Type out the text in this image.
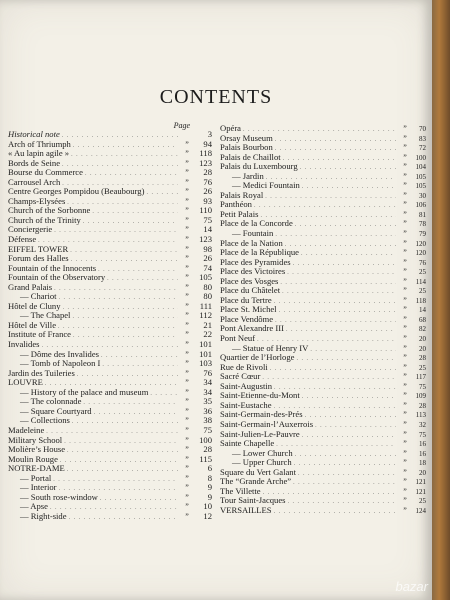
CONTENTS
Page
Historical note . . .	3
Arch of Thriumph . . .	”	94
« Au lapin agile » . . .	”	118
Bords de Seine . . .	”	123
Bourse du Commerce . . .	”	28
Carrousel Arch . . .	”	76
Centre Georges Pompidou (Beaubourg) . . .	”	26
Champs-Elysées . . .	”	93
Church of the Sorbonne . . .	”	110
Church of the Trinity . . .	”	75
Conciergerie . . .	”	14
Défense . . .	”	123
EIFFEL TOWER . . .	”	98
Forum des Halles . . .	”	26
Fountain of the Innocents . . .	”	74
Fountain of the Observatory . . .	”	105
Grand Palais . . .	”	80
— Chariot . . .	”	80
Hôtel de Cluny . . .	”	111
— The Chapel . . .	”	112
Hôtel de Ville . . .	”	21
Institute of France . . .	”	22
Invalides . . .	”	101
— Dôme des Invalides . . .	”	101
— Tomb of Napoleon I . . .	”	103
Jardin des Tuileries . . .	”	76
LOUVRE . . .	”	34
— History of the palace and museum . . .	”	34
— The colonnade . . .	”	35
— Square Courtyard . . .	”	36
— Collections . . .	”	38
Madeleine . . .	”	75
Military School . . .	”	100
Molière’s House . . .	”	28
Moulin Rouge . . .	”	115
NOTRE-DAME . . .	”	6
— Portal . . .	”	8
— Interior . . .	”	9
— South rose-window . . .	”	9
— Apse . . .	”	10
— Right-side . . .	”	12
Opéra . . .	”	70
Orsay Museum . . .	”	83
Palais Bourbon . . .	”	72
Palais de Chaillot . . .	”	100
Palais du Luxembourg . . .	”	104
— Jardin . . .	”	105
— Medici Fountain . . .	”	105
Palais Royal . . .	”	30
Panthéon . . .	”	106
Petit Palais . . .	”	81
Place de la Concorde . . .	”	78
— Fountain . . .	”	79
Place de la Nation . . .	”	120
Place de la République . . .	”	120
Place des Pyramides . . .	”	76
Place des Victoires . . .	”	25
Place des Vosges . . .	”	114
Place du Châtelet . . .	”	25
Place du Tertre . . .	”	118
Place St. Michel . . .	”	14
Place Vendôme . . .	”	68
Pont Alexandre III . . .	”	82
Pont Neuf . . .	”	20
— Statue of Henry IV . . .	”	20
Quartier de l’Horloge . . .	”	28
Rue de Rivoli . . .	”	25
Sacré Cœur . . .	”	117
Saint-Augustin . . .	”	75
Saint-Etienne-du-Mont . . .	”	109
Saint-Eustache . . .	”	28
Saint-Germain-des-Prés . . .	”	113
Saint-Germain-l’Auxerrois . . .	”	32
Saint-Julien-Le-Pauvre . . .	”	75
Sainte Chapelle . . .	”	16
— Lower Church . . .	”	16
— Upper Church . . .	”	18
Square du Vert Galant . . .	”	20
The “Grande Arche” . . .	”	121
The Villette . . .	”	121
Tour Saint-Jacques . . .	”	25
VERSAILLES . . .	”	124
bazar
